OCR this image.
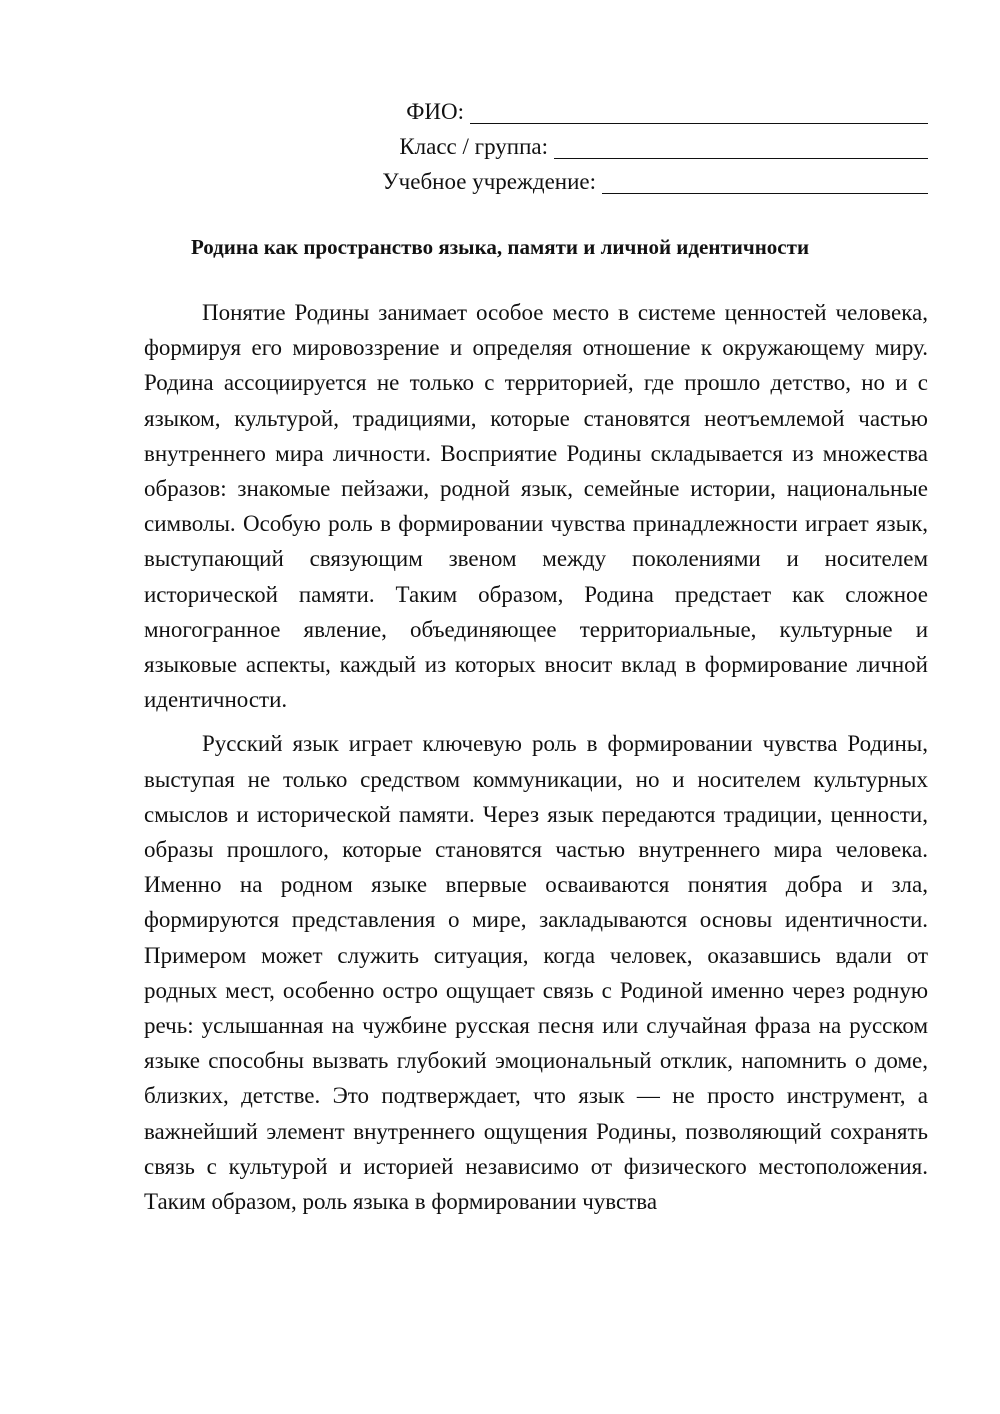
ФИО:
Класс / группа:
Учебное учреждение:
Родина как пространство языка, памяти и личной идентичности

Понятие Родины занимает особое место в системе ценностей человека, формируя его мировоззрение и определяя отношение к окружающему миру. Родина ассоциируется не только с территорией, где прошло детство, но и с языком, культурой, традициями, которые становятся неотъемлемой частью внутреннего мира личности. Восприятие Родины складывается из множества образов: знакомые пейзажи, родной язык, семейные истории, национальные символы. Особую роль в формировании чувства принадлежности играет язык, выступающий связующим звеном между поколениями и носителем исторической памяти. Таким образом, Родина предстает как сложное многогранное явление, объединяющее территориальные, культурные и языковые аспекты, каждый из которых вносит вклад в формирование личной идентичности.

Русский язык играет ключевую роль в формировании чувства Родины, выступая не только средством коммуникации, но и носителем культурных смыслов и исторической памяти. Через язык передаются традиции, ценности, образы прошлого, которые становятся частью внутреннего мира человека. Именно на родном языке впервые осваиваются понятия добра и зла, формируются представления о мире, закладываются основы идентичности. Примером может служить ситуация, когда человек, оказавшись вдали от родных мест, особенно остро ощущает связь с Родиной именно через родную речь: услышанная на чужбине русская песня или случайная фраза на русском языке способны вызвать глубокий эмоциональный отклик, напомнить о доме, близких, детстве. Это подтверждает, что язык — не просто инструмент, а важнейший элемент внутреннего ощущения Родины, позволяющий сохранять связь с культурой и историей независимо от физического местоположения. Таким образом, роль языка в формировании чувства
